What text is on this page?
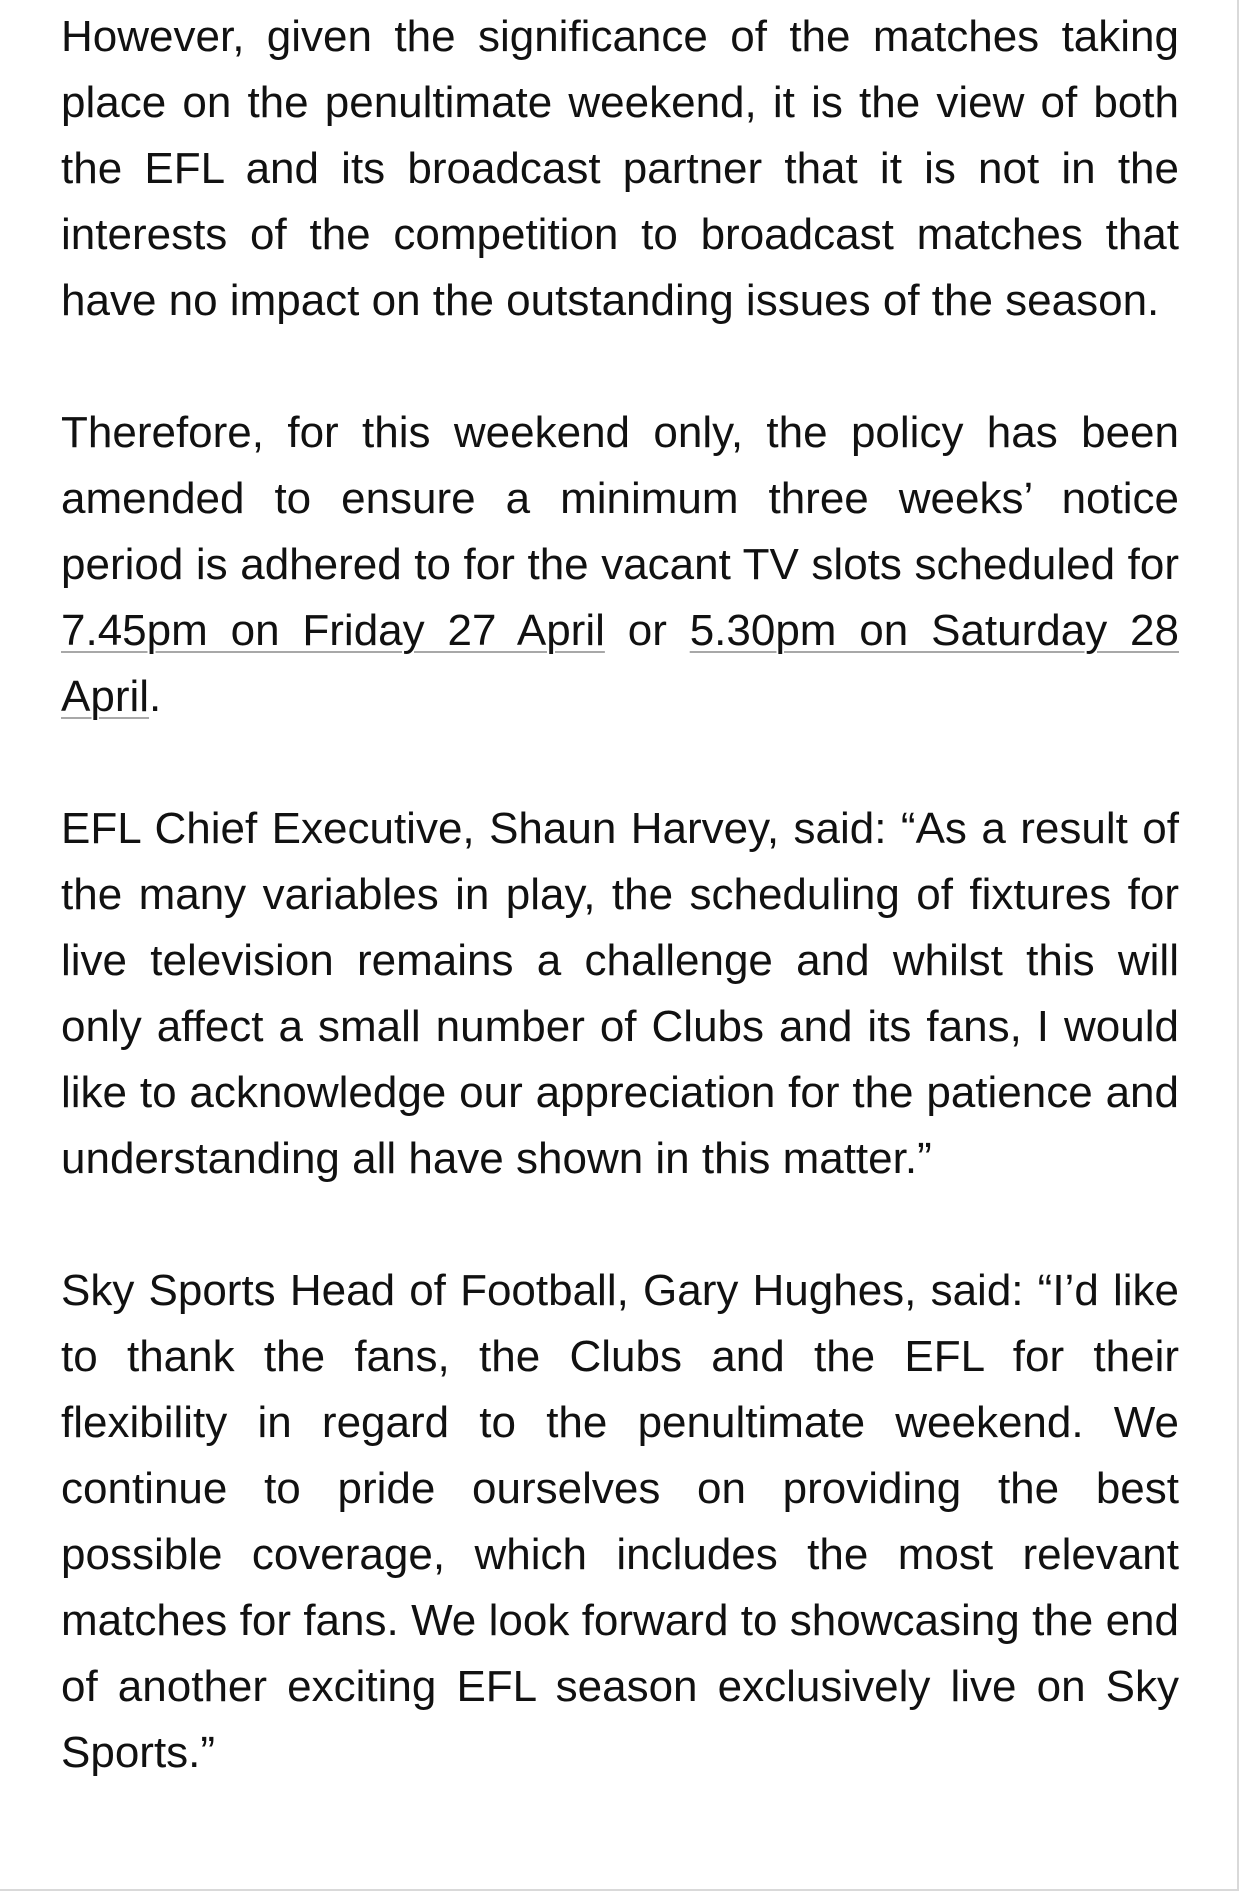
However, given the significance of the matches taking place on the penultimate weekend, it is the view of both the EFL and its broadcast partner that it is not in the interests of the competition to broadcast matches that have no impact on the outstanding issues of the season.

Therefore, for this weekend only, the policy has been amended to ensure a minimum three weeks’ notice period is adhered to for the vacant TV slots scheduled for 7.45pm on Friday 27 April or 5.30pm on Saturday 28 April.

EFL Chief Executive, Shaun Harvey, said: “As a result of the many variables in play, the scheduling of fixtures for live television remains a challenge and whilst this will only affect a small number of Clubs and its fans, I would like to acknowledge our appreciation for the patience and understanding all have shown in this matter.”

Sky Sports Head of Football, Gary Hughes, said: “I’d like to thank the fans, the Clubs and the EFL for their flexibility in regard to the penultimate weekend. We continue to pride ourselves on providing the best possible coverage, which includes the most relevant matches for fans. We look forward to showcasing the end of another exciting EFL season exclusively live on Sky Sports.”
